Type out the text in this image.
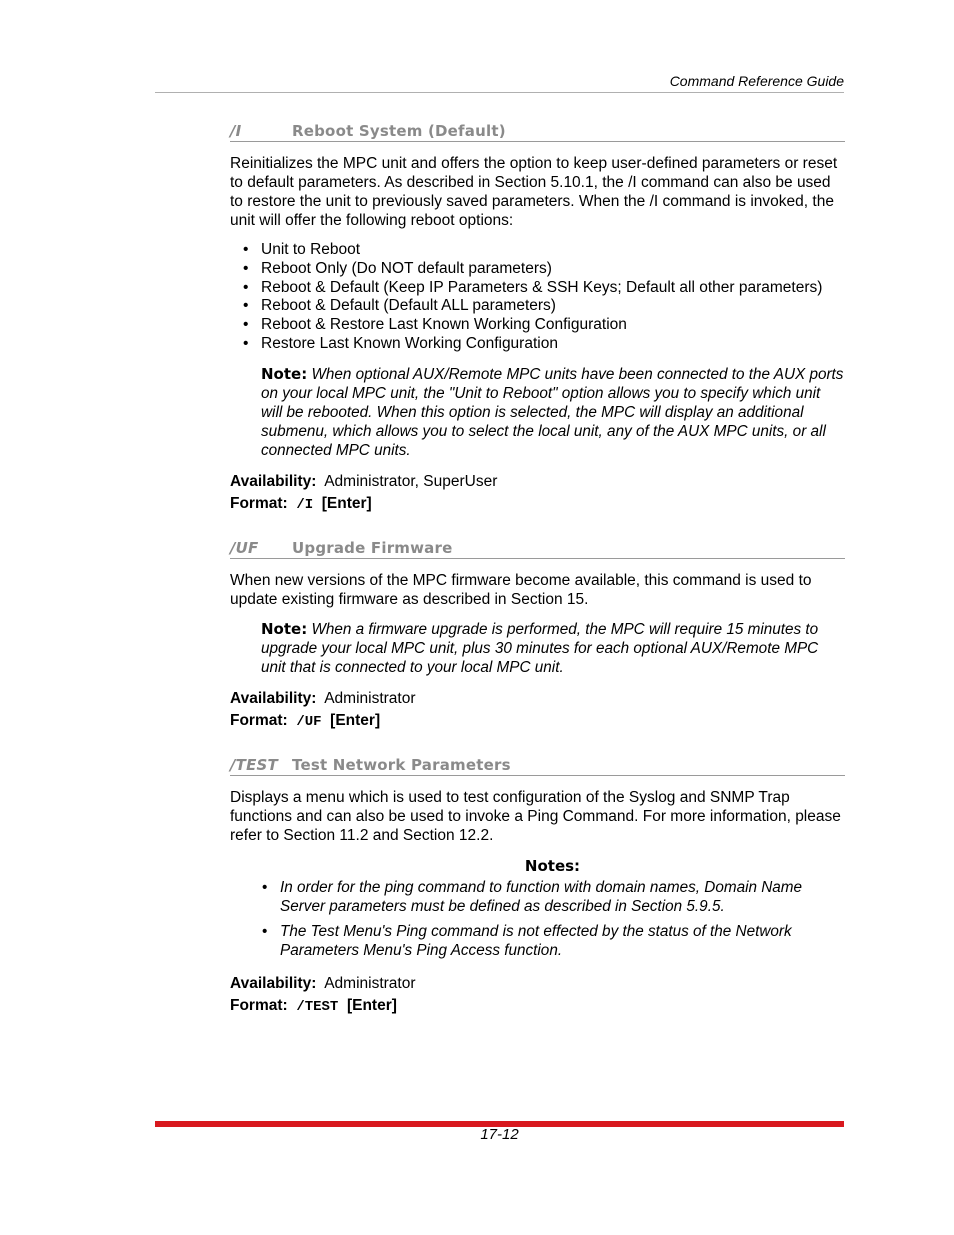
Command Reference Guide
/I	Reboot System (Default)

Reinitializes the MPC unit and offers the option to keep user-defined parameters or reset to default parameters. As described in Section 5.10.1, the /I command can also be used to restore the unit to previously saved parameters. When the /I command is invoked, the unit will offer the following reboot options:

• Unit to Reboot
• Reboot Only (Do NOT default parameters)
• Reboot & Default (Keep IP Parameters & SSH Keys; Default all other parameters)
• Reboot & Default (Default ALL parameters)
• Reboot & Restore Last Known Working Configuration
• Restore Last Known Working Configuration
Note: When optional AUX/Remote MPC units have been connected to the AUX ports on your local MPC unit, the "Unit to Reboot" option allows you to specify which unit will be rebooted. When this option is selected, the MPC will display an additional submenu, which allows you to select the local unit, any of the AUX MPC units, or all connected MPC units.
Availability: Administrator, SuperUser
Format: /I [Enter]
/UF	Upgrade Firmware

When new versions of the MPC firmware become available, this command is used to update existing firmware as described in Section 15.

Note: When a firmware upgrade is performed, the MPC will require 15 minutes to upgrade your local MPC unit, plus 30 minutes for each optional AUX/Remote MPC unit that is connected to your local MPC unit.
Availability: Administrator
Format: /UF [Enter]
/TEST Test Network Parameters

Displays a menu which is used to test configuration of the Syslog and SNMP Trap functions and can also be used to invoke a Ping Command. For more information, please refer to Section 11.2 and Section 12.2.

Notes:
• In order for the ping command to function with domain names, Domain Name Server parameters must be defined as described in Section 5.9.5.
• The Test Menu's Ping command is not effected by the status of the Network Parameters Menu's Ping Access function.
Availability: Administrator
Format: /TEST [Enter]
17-12
